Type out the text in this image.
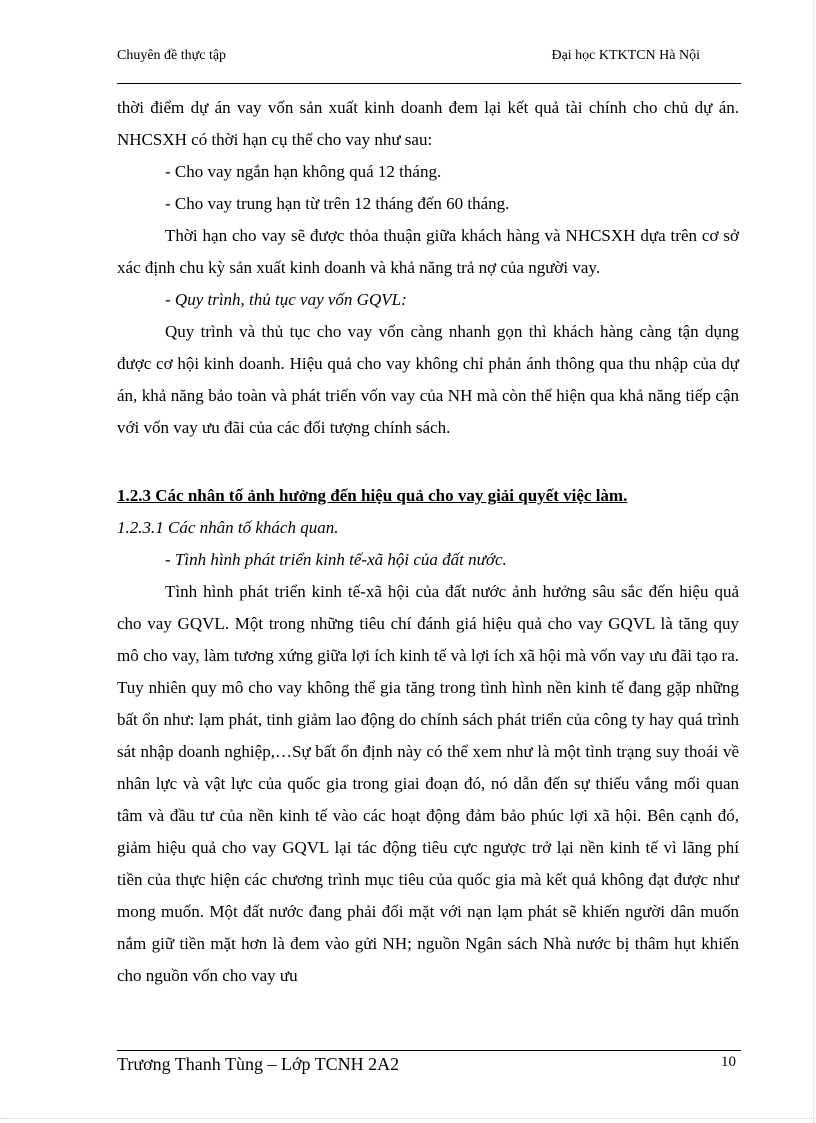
Chuyên đề thực tập	Đại học KTKTCN Hà Nội

thời điểm dự án vay vốn sản xuất kinh doanh đem lại kết quả tài chính cho chủ dự án. NHCSXH có thời hạn cụ thể cho vay như sau:

- Cho vay ngắn hạn không quá 12 tháng.

- Cho vay trung hạn từ trên 12 tháng đến 60 tháng.

Thời hạn cho vay sẽ được thỏa thuận giữa khách hàng và NHCSXH dựa trên cơ sở xác định chu kỳ sản xuất kinh doanh và khả năng trả nợ của người vay.

- Quy trình, thủ tục vay vốn GQVL:

Quy trình và thủ tục cho vay vốn càng nhanh gọn thì khách hàng càng tận dụng được cơ hội kinh doanh. Hiệu quả cho vay không chỉ phản ánh thông qua thu nhập của dự án, khả năng bảo toàn và phát triển vốn vay của NH mà còn thể hiện qua khả năng tiếp cận với vốn vay ưu đãi của các đối tượng chính sách.

1.2.3 Các nhân tố ảnh hưởng đến hiệu quả cho vay giải quyết việc làm.

1.2.3.1 Các nhân tố khách quan.

- Tình hình phát triển kinh tế-xã hội của đất nước.

Tình hình phát triển kinh tế-xã hội của đất nước ảnh hưởng sâu sắc đến hiệu quả cho vay GQVL. Một trong những tiêu chí đánh giá hiệu quả cho vay GQVL là tăng quy mô cho vay, làm tương xứng giữa lợi ích kinh tế và lợi ích xã hội mà vốn vay ưu đãi tạo ra. Tuy nhiên quy mô cho vay không thể gia tăng trong tình hình nền kinh tế đang gặp những bất ổn như: lạm phát, tinh giảm lao động do chính sách phát triển của công ty hay quá trình sát nhập doanh nghiệp,…Sự bất ổn định này có thể xem như là một tình trạng suy thoái về nhân lực và vật lực của quốc gia trong giai đoạn đó, nó dẫn đến sự thiếu vắng mối quan tâm và đầu tư của nền kinh tế vào các hoạt động đảm bảo phúc lợi xã hội. Bên cạnh đó, giảm hiệu quả cho vay GQVL lại tác động tiêu cực ngược trở lại nền kinh tế vì lãng phí tiền của thực hiện các chương trình mục tiêu của quốc gia mà kết quả không đạt được như mong muốn. Một đất nước đang phải đối mặt với nạn lạm phát sẽ khiến người dân muốn nắm giữ tiền mặt hơn là đem vào gửi NH; nguồn Ngân sách Nhà nước bị thâm hụt khiến cho nguồn vốn cho vay ưu

Trương Thanh Tùng – Lớp TCNH 2A2	10
